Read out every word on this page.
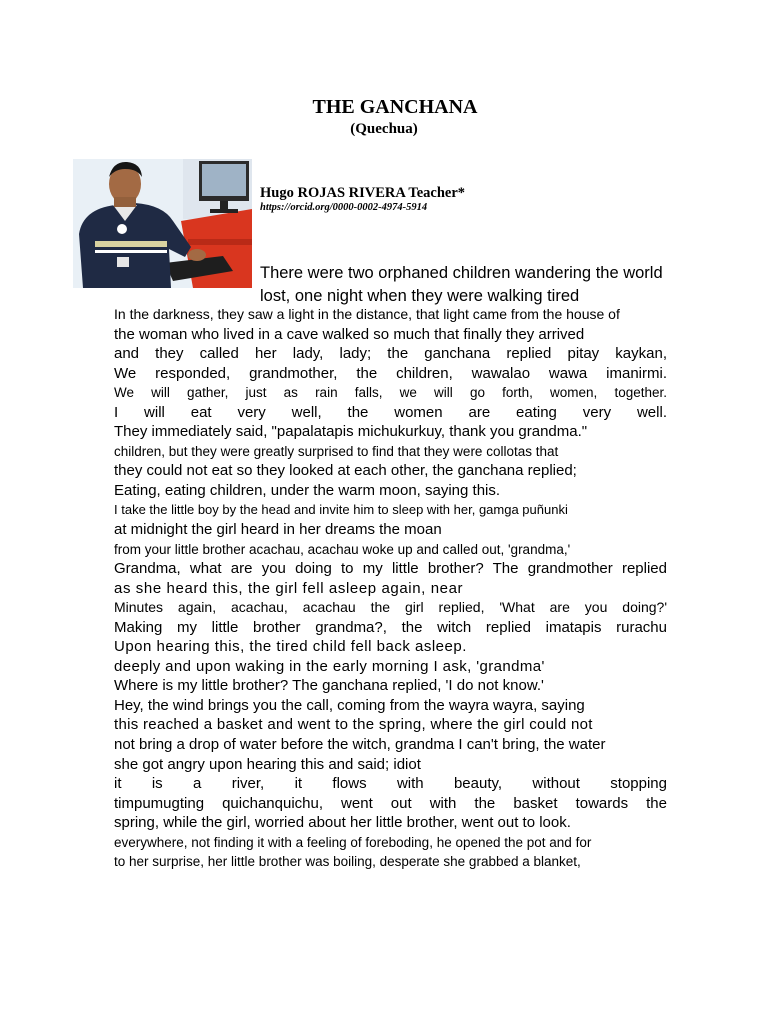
THE GANCHANA
(Quechua)
Hugo ROJAS RIVERA Teacher*
https://orcid.org/0000-0002-4974-5914
There were two orphaned children wandering the world
lost, one night when they were walking tired
In the darkness, they saw a light in the distance, that light came from the house of
the woman who lived in a cave walked so much that finally they arrived
and they called her lady, lady; the ganchana replied pitay kaykan,
We responded, grandmother, the children, wawalao wawa imanirmi.
We will gather, just as rain falls, we will go forth, women, together.
I will eat very well, the women are eating very well.
They immediately said, "papalatapis michukurkuy, thank you grandma."
children, but they were greatly surprised to find that they were collotas that
they could not eat so they looked at each other, the ganchana replied;
Eating, eating children, under the warm moon, saying this.
I take the little boy by the head and invite him to sleep with her, gamga puñunki
at midnight the girl heard in her dreams the moan
from your little brother acachau, acachau woke up and called out, 'grandma,'
Grandma, what are you doing to my little brother? The grandmother replied
as she heard this, the girl fell asleep again, near
Minutes again, acachau, acachau the girl replied, 'What are you doing?'
Making my little brother grandma?, the witch replied imatapis rurachu
Upon hearing this, the tired child fell back asleep.
deeply and upon waking in the early morning I ask, 'grandma'
Where is my little brother? The ganchana replied, 'I do not know.'
Hey, the wind brings you the call, coming from the wayra wayra, saying
this reached a basket and went to the spring, where the girl could not
not bring a drop of water before the witch, grandma I can't bring, the water
she got angry upon hearing this and said; idiot
it is a river, it flows with beauty, without stopping
timpumugting quichanquichu, went out with the basket towards the
spring, while the girl, worried about her little brother, went out to look.
everywhere, not finding it with a feeling of foreboding, he opened the pot and for
to her surprise, her little brother was boiling, desperate she grabbed a blanket,
